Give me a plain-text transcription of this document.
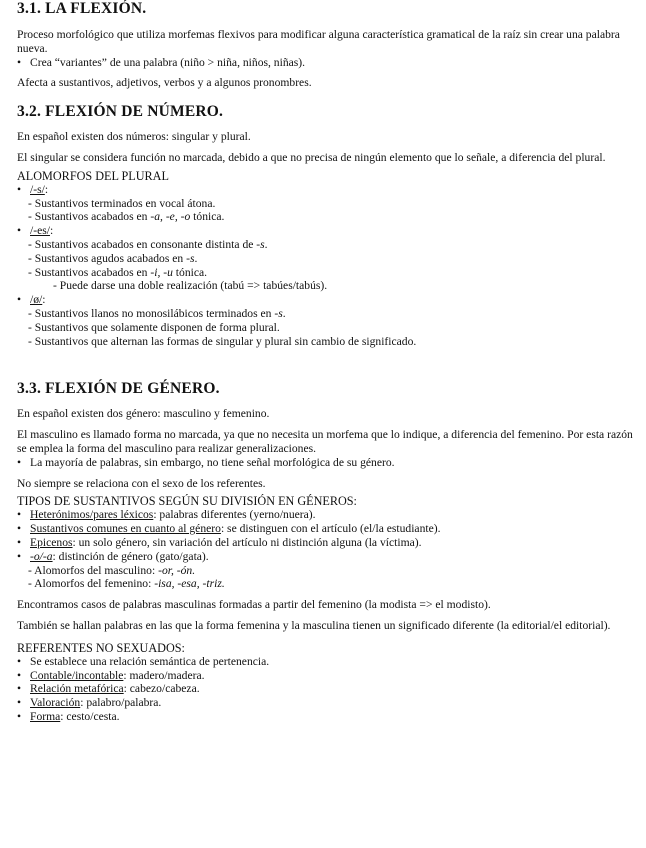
3.1. LA FLEXIÓN.

Proceso morfológico que utiliza morfemas flexivos para modificar alguna característica gramatical de la raíz sin crear una palabra nueva.

• Crea “variantes” de una palabra (niño > niña, niños, niñas).

Afecta a sustantivos, adjetivos, verbos y a algunos pronombres.

3.2. FLEXIÓN DE NÚMERO.

En español existen dos números: singular y plural.

El singular se considera función no marcada, debido a que no precisa de ningún elemento que lo señale, a diferencia del plural.

ALOMORFOS DEL PLURAL
• /-s/:
- Sustantivos terminados en vocal átona.
- Sustantivos acabados en -a, -e, -o tónica.
• /-es/:
- Sustantivos acabados en consonante distinta de -s.
- Sustantivos agudos acabados en -s.
- Sustantivos acabados en -i, -u tónica.
- Puede darse una doble realización (tabú => tabúes/tabús).
• /ø/:
- Sustantivos llanos no monosilábicos terminados en -s.
- Sustantivos que solamente disponen de forma plural.
- Sustantivos que alternan las formas de singular y plural sin cambio de significado.
3.3. FLEXIÓN DE GÉNERO.

En español existen dos género: masculino y femenino.

El masculino es llamado forma no marcada, ya que no necesita un morfema que lo indique, a diferencia del femenino. Por esta razón se emplea la forma del masculino para realizar generalizaciones.

• La mayoría de palabras, sin embargo, no tiene señal morfológica de su género.

No siempre se relaciona con el sexo de los referentes.

TIPOS DE SUSTANTIVOS SEGÚN SU DIVISIÓN EN GÉNEROS:
• Heterónimos/pares léxicos: palabras diferentes (yerno/nuera).
• Sustantivos comunes en cuanto al género: se distinguen con el artículo (el/la estudiante).
• Epicenos: un solo género, sin variación del artículo ni distinción alguna (la víctima).
• -o/-a: distinción de género (gato/gata).
- Alomorfos del masculino: -or, -ón.
- Alomorfos del femenino: -isa, -esa, -triz.

Encontramos casos de palabras masculinas formadas a partir del femenino (la modista => el modisto).

También se hallan palabras en las que la forma femenina y la masculina tienen un significado diferente (la editorial/el editorial).

REFERENTES NO SEXUADOS:
• Se establece una relación semántica de pertenencia.
• Contable/incontable: madero/madera.
• Relación metafórica: cabezo/cabeza.
• Valoración: palabro/palabra.
• Forma: cesto/cesta.
